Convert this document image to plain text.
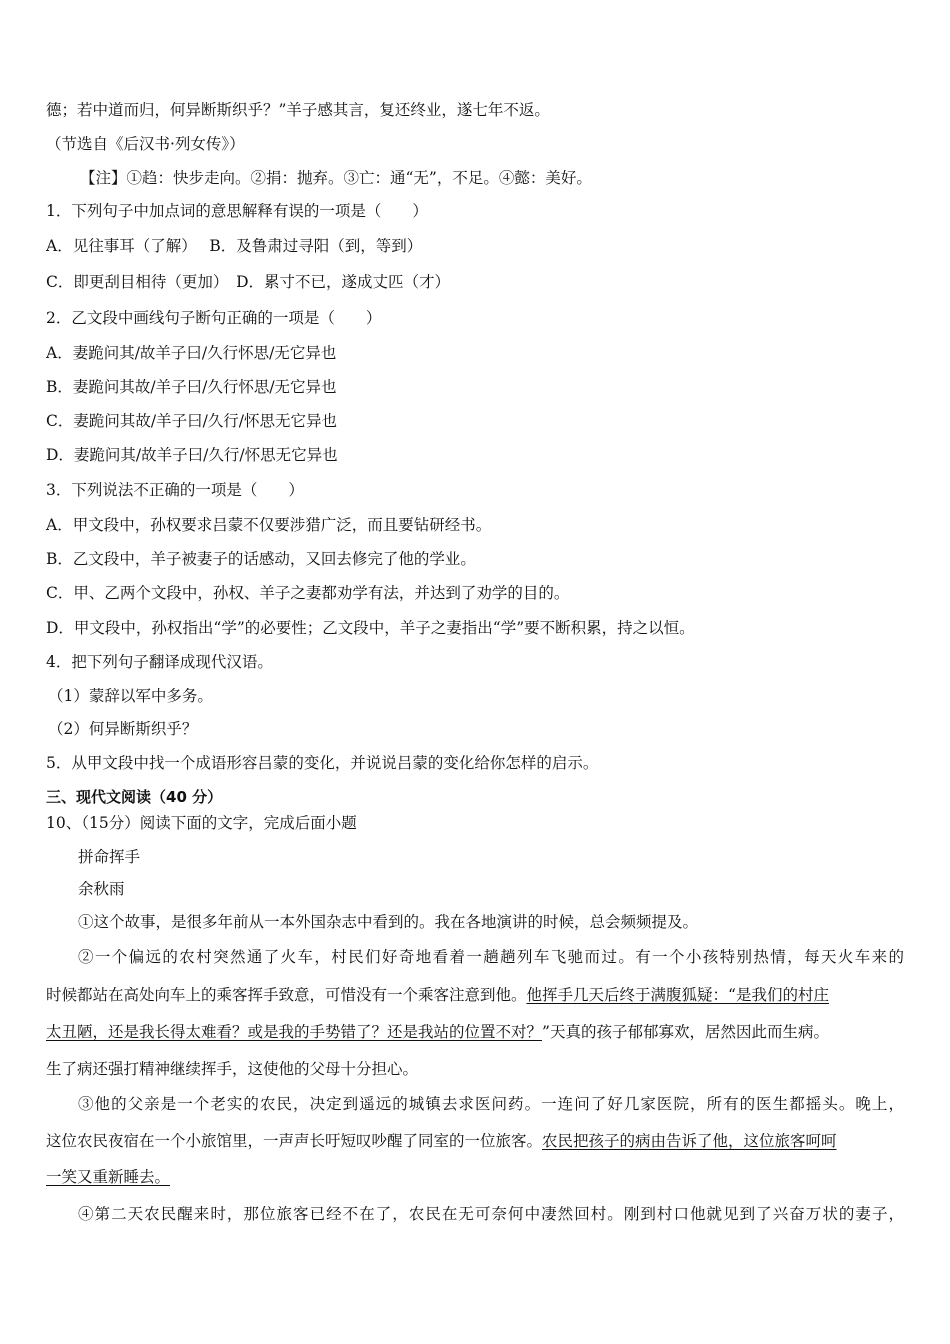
德；若中道而归，何异断斯织乎？”羊子感其言，复还终业，遂七年不返。
（节选自《后汉书·列女传》）
【注】①趋：快步走向。②捐：抛弃。③亡：通“无”，不足。④懿：美好。
1．下列句子中加点词的意思解释有误的一项是（　　）
A．见往事耳（了解）　 B．及鲁肃过寻阳（到，等到）
C．即更刮目相待（更加）　D．累寸不已，遂成丈匹（才）
2．乙文段中画线句子断句正确的一项是（　　）
A．妻跪问其/故羊子曰/久行怀思/无它异也
B．妻跪问其故/羊子曰/久行怀思/无它异也
C．妻跪问其故/羊子曰/久行/怀思无它异也
D．妻跪问其/故羊子曰/久行/怀思无它异也
3．下列说法不正确的一项是（　　）
A．甲文段中，孙权要求吕蒙不仅要涉猎广泛，而且要钻研经书。
B．乙文段中，羊子被妻子的话感动，又回去修完了他的学业。
C．甲、乙两个文段中，孙权、羊子之妻都劝学有法，并达到了劝学的目的。
D．甲文段中，孙权指出“学”的必要性；乙文段中，羊子之妻指出“学”要不断积累，持之以恒。
4．把下列句子翻译成现代汉语。
（1）蒙辞以军中多务。
（2）何异断斯织乎？
5．从甲文段中找一个成语形容吕蒙的变化，并说说吕蒙的变化给你怎样的启示。
三、现代文阅读（40 分）
10、（15分）阅读下面的文字，完成后面小题
拼命挥手
余秋雨
①这个故事，是很多年前从一本外国杂志中看到的。我在各地演讲的时候，总会频频提及。
②一个偏远的农村突然通了火车，村民们好奇地看着一趟趟列车飞驰而过。有一个小孩特别热情，每天火车来的
时候都站在高处向车上的乘客挥手致意，可惜没有一个乘客注意到他。他挥手几天后终于满腹狐疑：“是我们的村庄
太丑陋，还是我长得太难看？或是我的手势错了？还是我站的位置不对？”天真的孩子郁郁寡欢，居然因此而生病。
生了病还强打精神继续挥手，这使他的父母十分担心。
③他的父亲是一个老实的农民，决定到遥远的城镇去求医问药。一连问了好几家医院，所有的医生都摇头。晚上，
这位农民夜宿在一个小旅馆里，一声声长吁短叹吵醒了同室的一位旅客。农民把孩子的病由告诉了他，这位旅客呵呵
一笑又重新睡去。
④第二天农民醒来时，那位旅客已经不在了，农民在无可奈何中凄然回村。刚到村口他就见到了兴奋万状的妻子，
